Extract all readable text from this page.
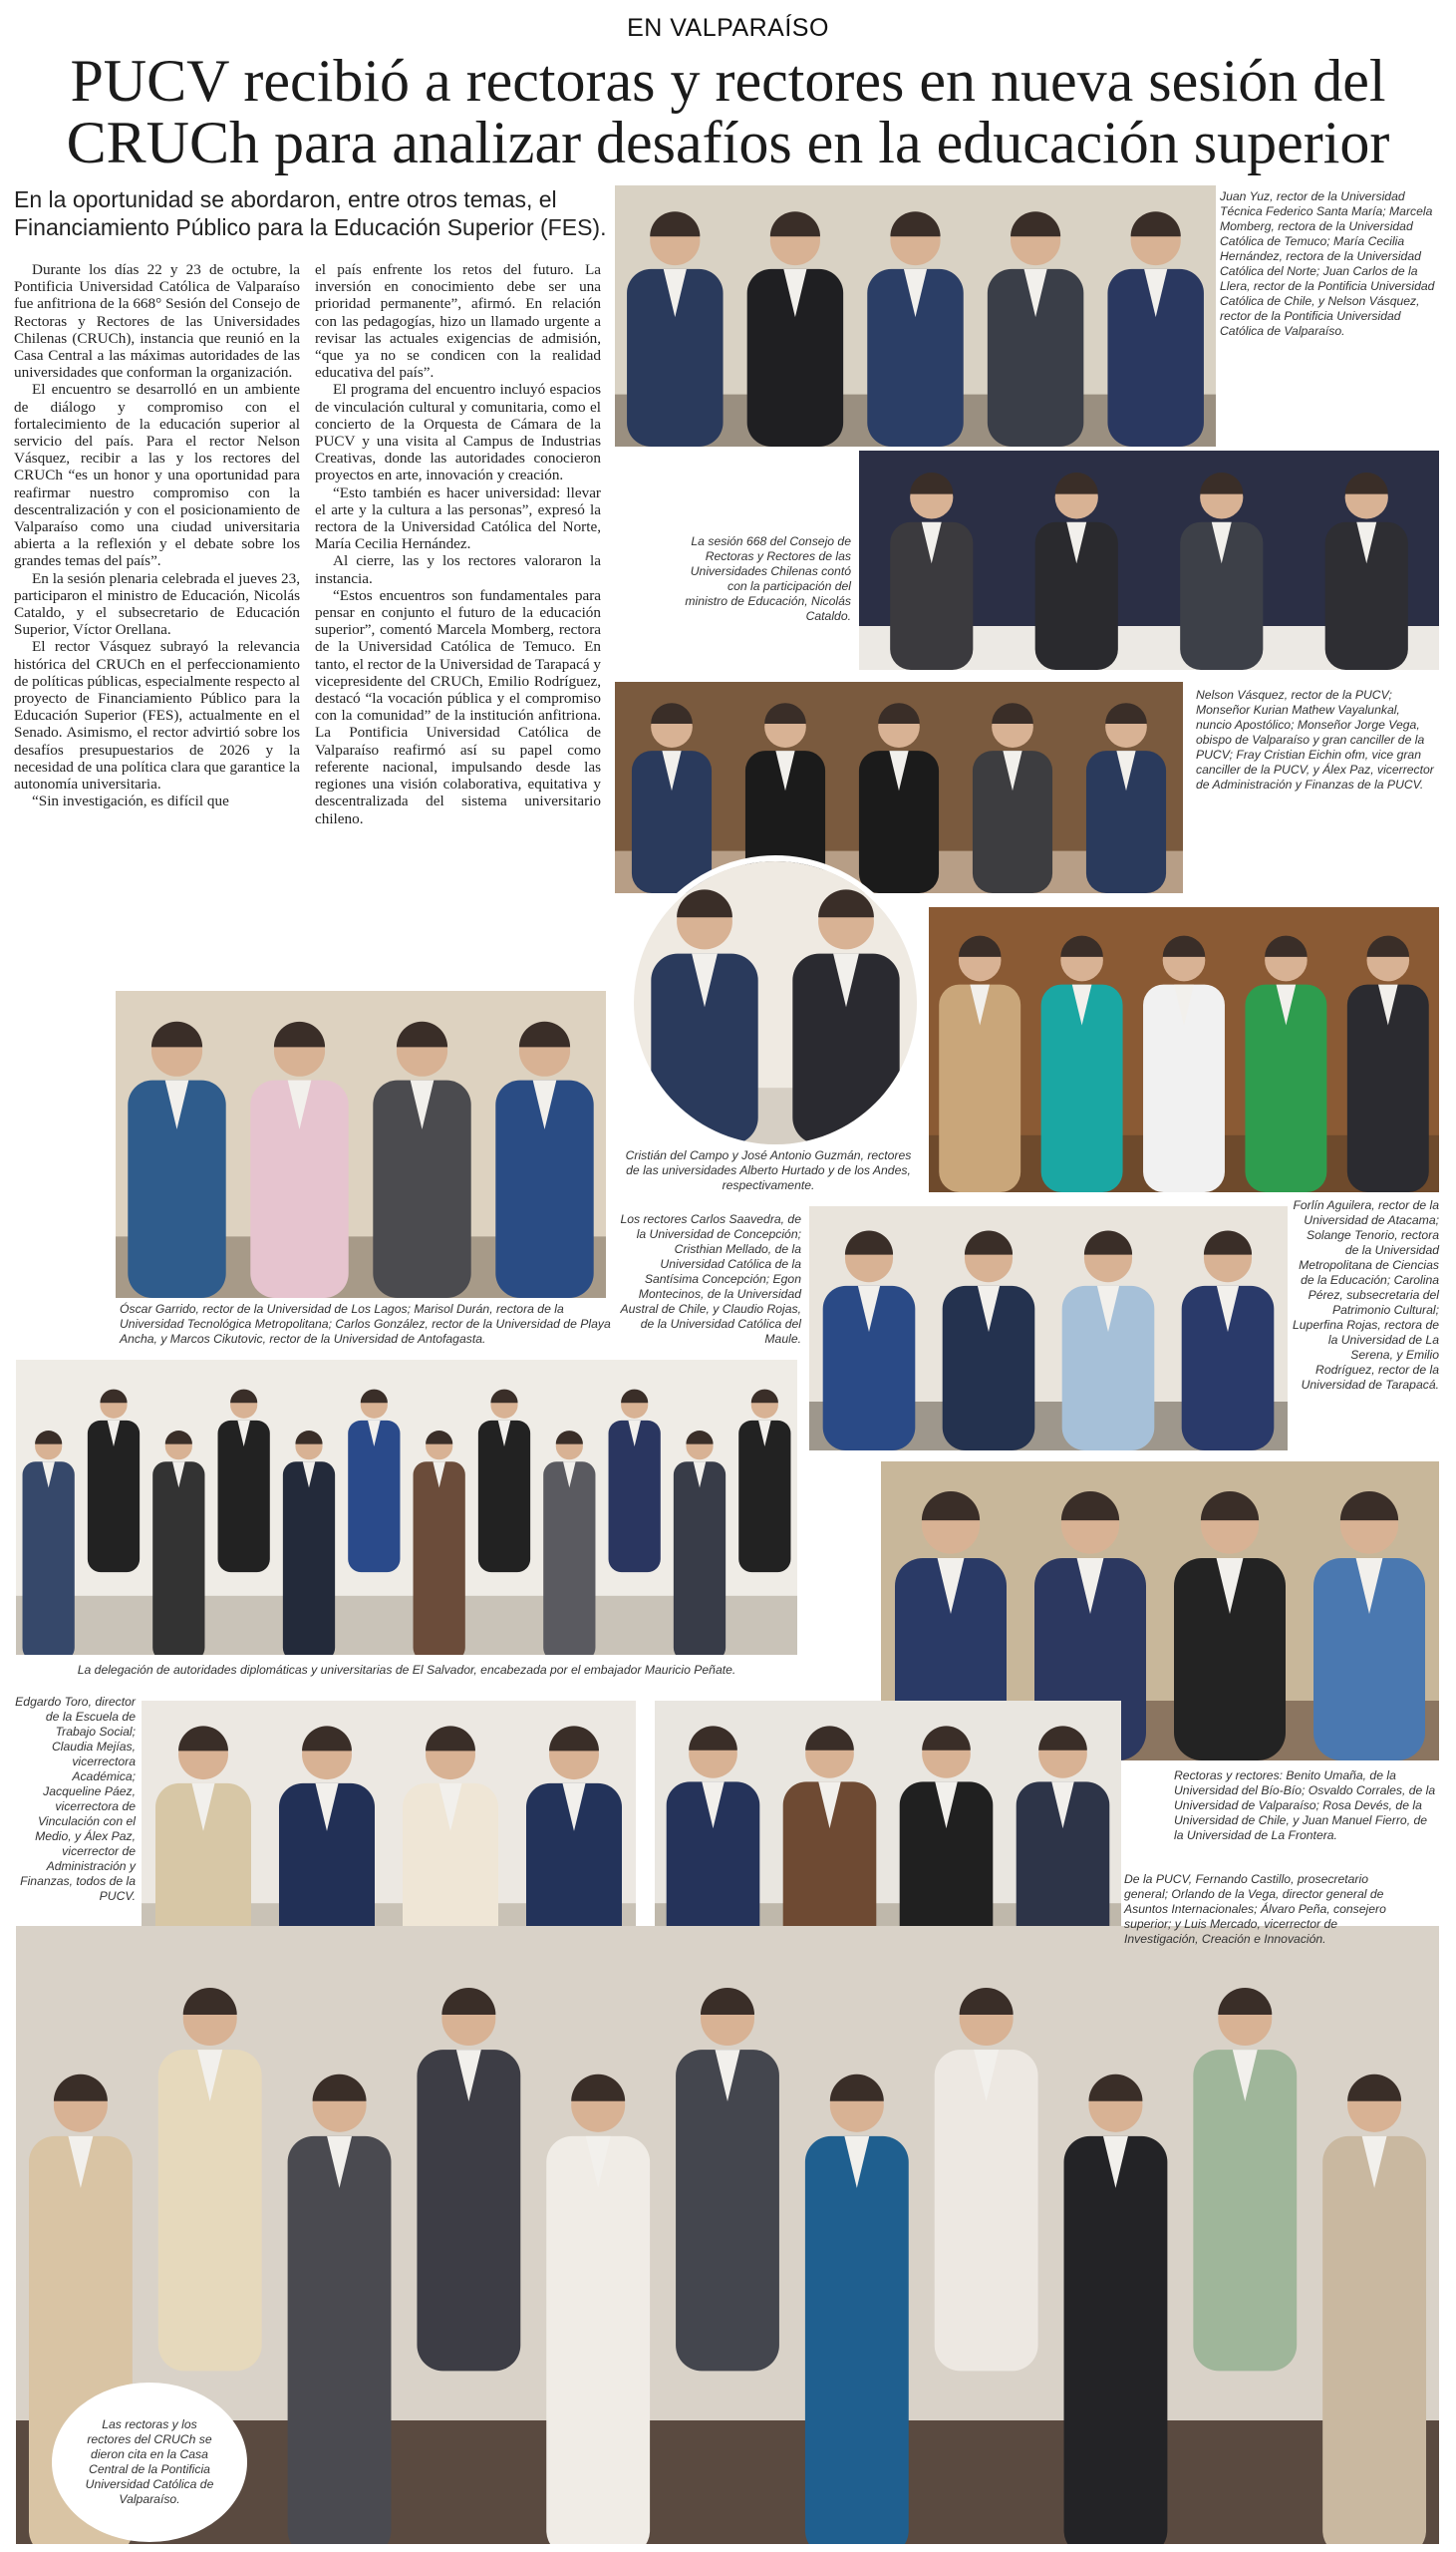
EN VALPARAÍSO
PUCV recibió a rectoras y rectores en nueva sesión del
CRUCh para analizar desafíos en la educación superior
En la oportunidad se abordaron, entre otros temas, el Financiamiento Público para la Educación Superior (FES).

Durante los días 22 y 23 de octubre, la Pontificia Universidad Católica de Valparaíso fue anfitriona de la 668° Sesión del Consejo de Rectoras y Rectores de las Universidades Chilenas (CRUCh), instancia que reunió en la Casa Central a las máximas autoridades de las universidades que conforman la organización.

El encuentro se desarrolló en un ambiente de diálogo y compromiso con el fortalecimiento de la educación superior al servicio del país. Para el rector Nelson Vásquez, recibir a las y los rectores del CRUCh “es un honor y una oportunidad para reafirmar nuestro compromiso con la descentralización y con el posicionamiento de Valparaíso como una ciudad universitaria abierta a la reflexión y el debate sobre los grandes temas del país”.

En la sesión plenaria celebrada el jueves 23, participaron el ministro de Educación, Nicolás Cataldo, y el subsecretario de Educación Superior, Víctor Orellana.

El rector Vásquez subrayó la relevancia histórica del CRUCh en el perfeccionamiento de políticas públicas, especialmente respecto al proyecto de Financiamiento Público para la Educación Superior (FES), actualmente en el Senado. Asimismo, el rector advirtió sobre los desafíos presupuestarios de 2026 y la necesidad de una política clara que garantice la autonomía universitaria.

“Sin investigación, es difícil que

el país enfrente los retos del futuro. La inversión en conocimiento debe ser una prioridad permanente”, afirmó. En relación con las pedagogías, hizo un llamado urgente a revisar las actuales exigencias de admisión, “que ya no se condicen con la realidad educativa del país”.

El programa del encuentro incluyó espacios de vinculación cultural y comunitaria, como el concierto de la Orquesta de Cámara de la PUCV y una visita al Campus de Industrias Creativas, donde las autoridades conocieron proyectos en arte, innovación y creación.

“Esto también es hacer universidad: llevar el arte y la cultura a las personas”, expresó la rectora de la Universidad Católica del Norte, María Cecilia Hernández.

Al cierre, las y los rectores valoraron la instancia.

“Estos encuentros son fundamentales para pensar en conjunto el futuro de la educación superior”, comentó Marcela Momberg, rectora de la Universidad Católica de Temuco. En tanto, el rector de la Universidad de Tarapacá y vicepresidente del CRUCh, Emilio Rodríguez, destacó “la vocación pública y el compromiso con la comunidad” de la institución anfitriona. La Pontificia Universidad Católica de Valparaíso reafirmó así su papel como referente nacional, impulsando desde las regiones una visión colaborativa, equitativa y descentralizada del sistema universitario chileno.

Juan Yuz, rector de la Universidad Técnica Federico Santa María; Marcela Momberg, rectora de la Universidad Católica de Temuco; María Cecilia Hernández, rectora de la Universidad Católica del Norte; Juan Carlos de la Llera, rector de la Pontificia Universidad Católica de Chile, y Nelson Vásquez, rector de la Pontificia Universidad Católica de Valparaíso.
La sesión 668 del Consejo de Rectoras y Rectores de las Universidades Chilenas contó con la participación del ministro de Educación, Nicolás Cataldo.
Nelson Vásquez, rector de la PUCV; Monseñor Kurian Mathew Vayalunkal, nuncio Apostólico; Monseñor Jorge Vega, obispo de Valparaíso y gran canciller de la PUCV; Fray Cristian Eichin ofm, vice gran canciller de la PUCV, y Álex Paz, vicerrector de Administración y Finanzas de la PUCV.
Cristián del Campo y José Antonio Guzmán, rectores de las universidades Alberto Hurtado y de los Andes, respectivamente.
Óscar Garrido, rector de la Universidad de Los Lagos; Marisol Durán, rectora de la Universidad Tecnológica Metropolitana; Carlos González, rector de la Universidad de Playa Ancha, y Marcos Cikutovic, rector de la Universidad de Antofagasta.
Los rectores Carlos Saavedra, de la Universidad de Concepción; Cristhian Mellado, de la Universidad Católica de la Santísima Concepción; Egon Montecinos, de la Universidad Austral de Chile, y Claudio Rojas, de la Universidad Católica del Maule.
Forlín Aguilera, rector de la Universidad de Atacama; Solange Tenorio, rectora de la Universidad Metropolitana de Ciencias de la Educación; Carolina Pérez, subsecretaria del Patrimonio Cultural; Luperfina Rojas, rectora de la Universidad de La Serena, y Emilio Rodríguez, rector de la Universidad de Tarapacá.
La delegación de autoridades diplomáticas y universitarias de El Salvador, encabezada por el embajador Mauricio Peñate.
Edgardo Toro, director de la Escuela de Trabajo Social; Claudia Mejías, vicerrectora Académica; Jacqueline Páez, vicerrectora de Vinculación con el Medio, y Álex Paz, vicerrector de Administración y Finanzas, todos de la PUCV.
Rectoras y rectores: Benito Umaña, de la Universidad del Bío-Bío; Osvaldo Corrales, de la Universidad de Valparaíso; Rosa Devés, de la Universidad de Chile, y Juan Manuel Fierro, de la Universidad de La Frontera.
De la PUCV, Fernando Castillo, prosecretario general; Orlando de la Vega, director general de Asuntos Internacionales; Álvaro Peña, consejero superior; y Luis Mercado, vicerrector de Investigación, Creación e Innovación.
Las rectoras y los rectores del CRUCh se dieron cita en la Casa Central de la Pontificia Universidad Católica de Valparaíso.
